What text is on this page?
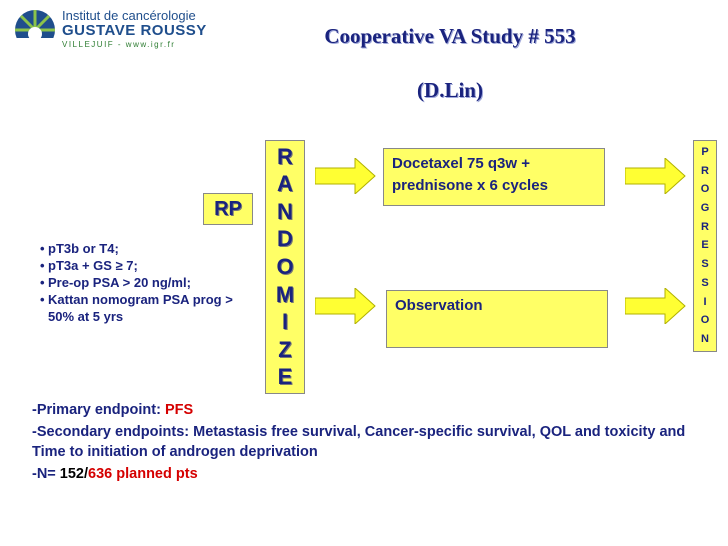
Institut de cancérologie
GUSTAVE ROUSSY
VILLEJUIF - www.igr.fr	Cooperative VA Study # 553
(D.Lin)
RP
• pT3b or T4;
• pT3a + GS ≥ 7;
• Pre-op PSA > 20 ng/ml;
• Kattan nomogram PSA prog > 50% at 5 yrs
R
A
N
D
O
M
I
Z
E
Docetaxel 75 q3w + prednisone x 6 cycles
Observation
P
R
O
G
R
E
S
S
I
O
N

-Primary endpoint: PFS

-Secondary endpoints: Metastasis free survival, Cancer-specific survival, QOL and toxicity and Time to initiation of androgen deprivation

-N= 152/636 planned pts
